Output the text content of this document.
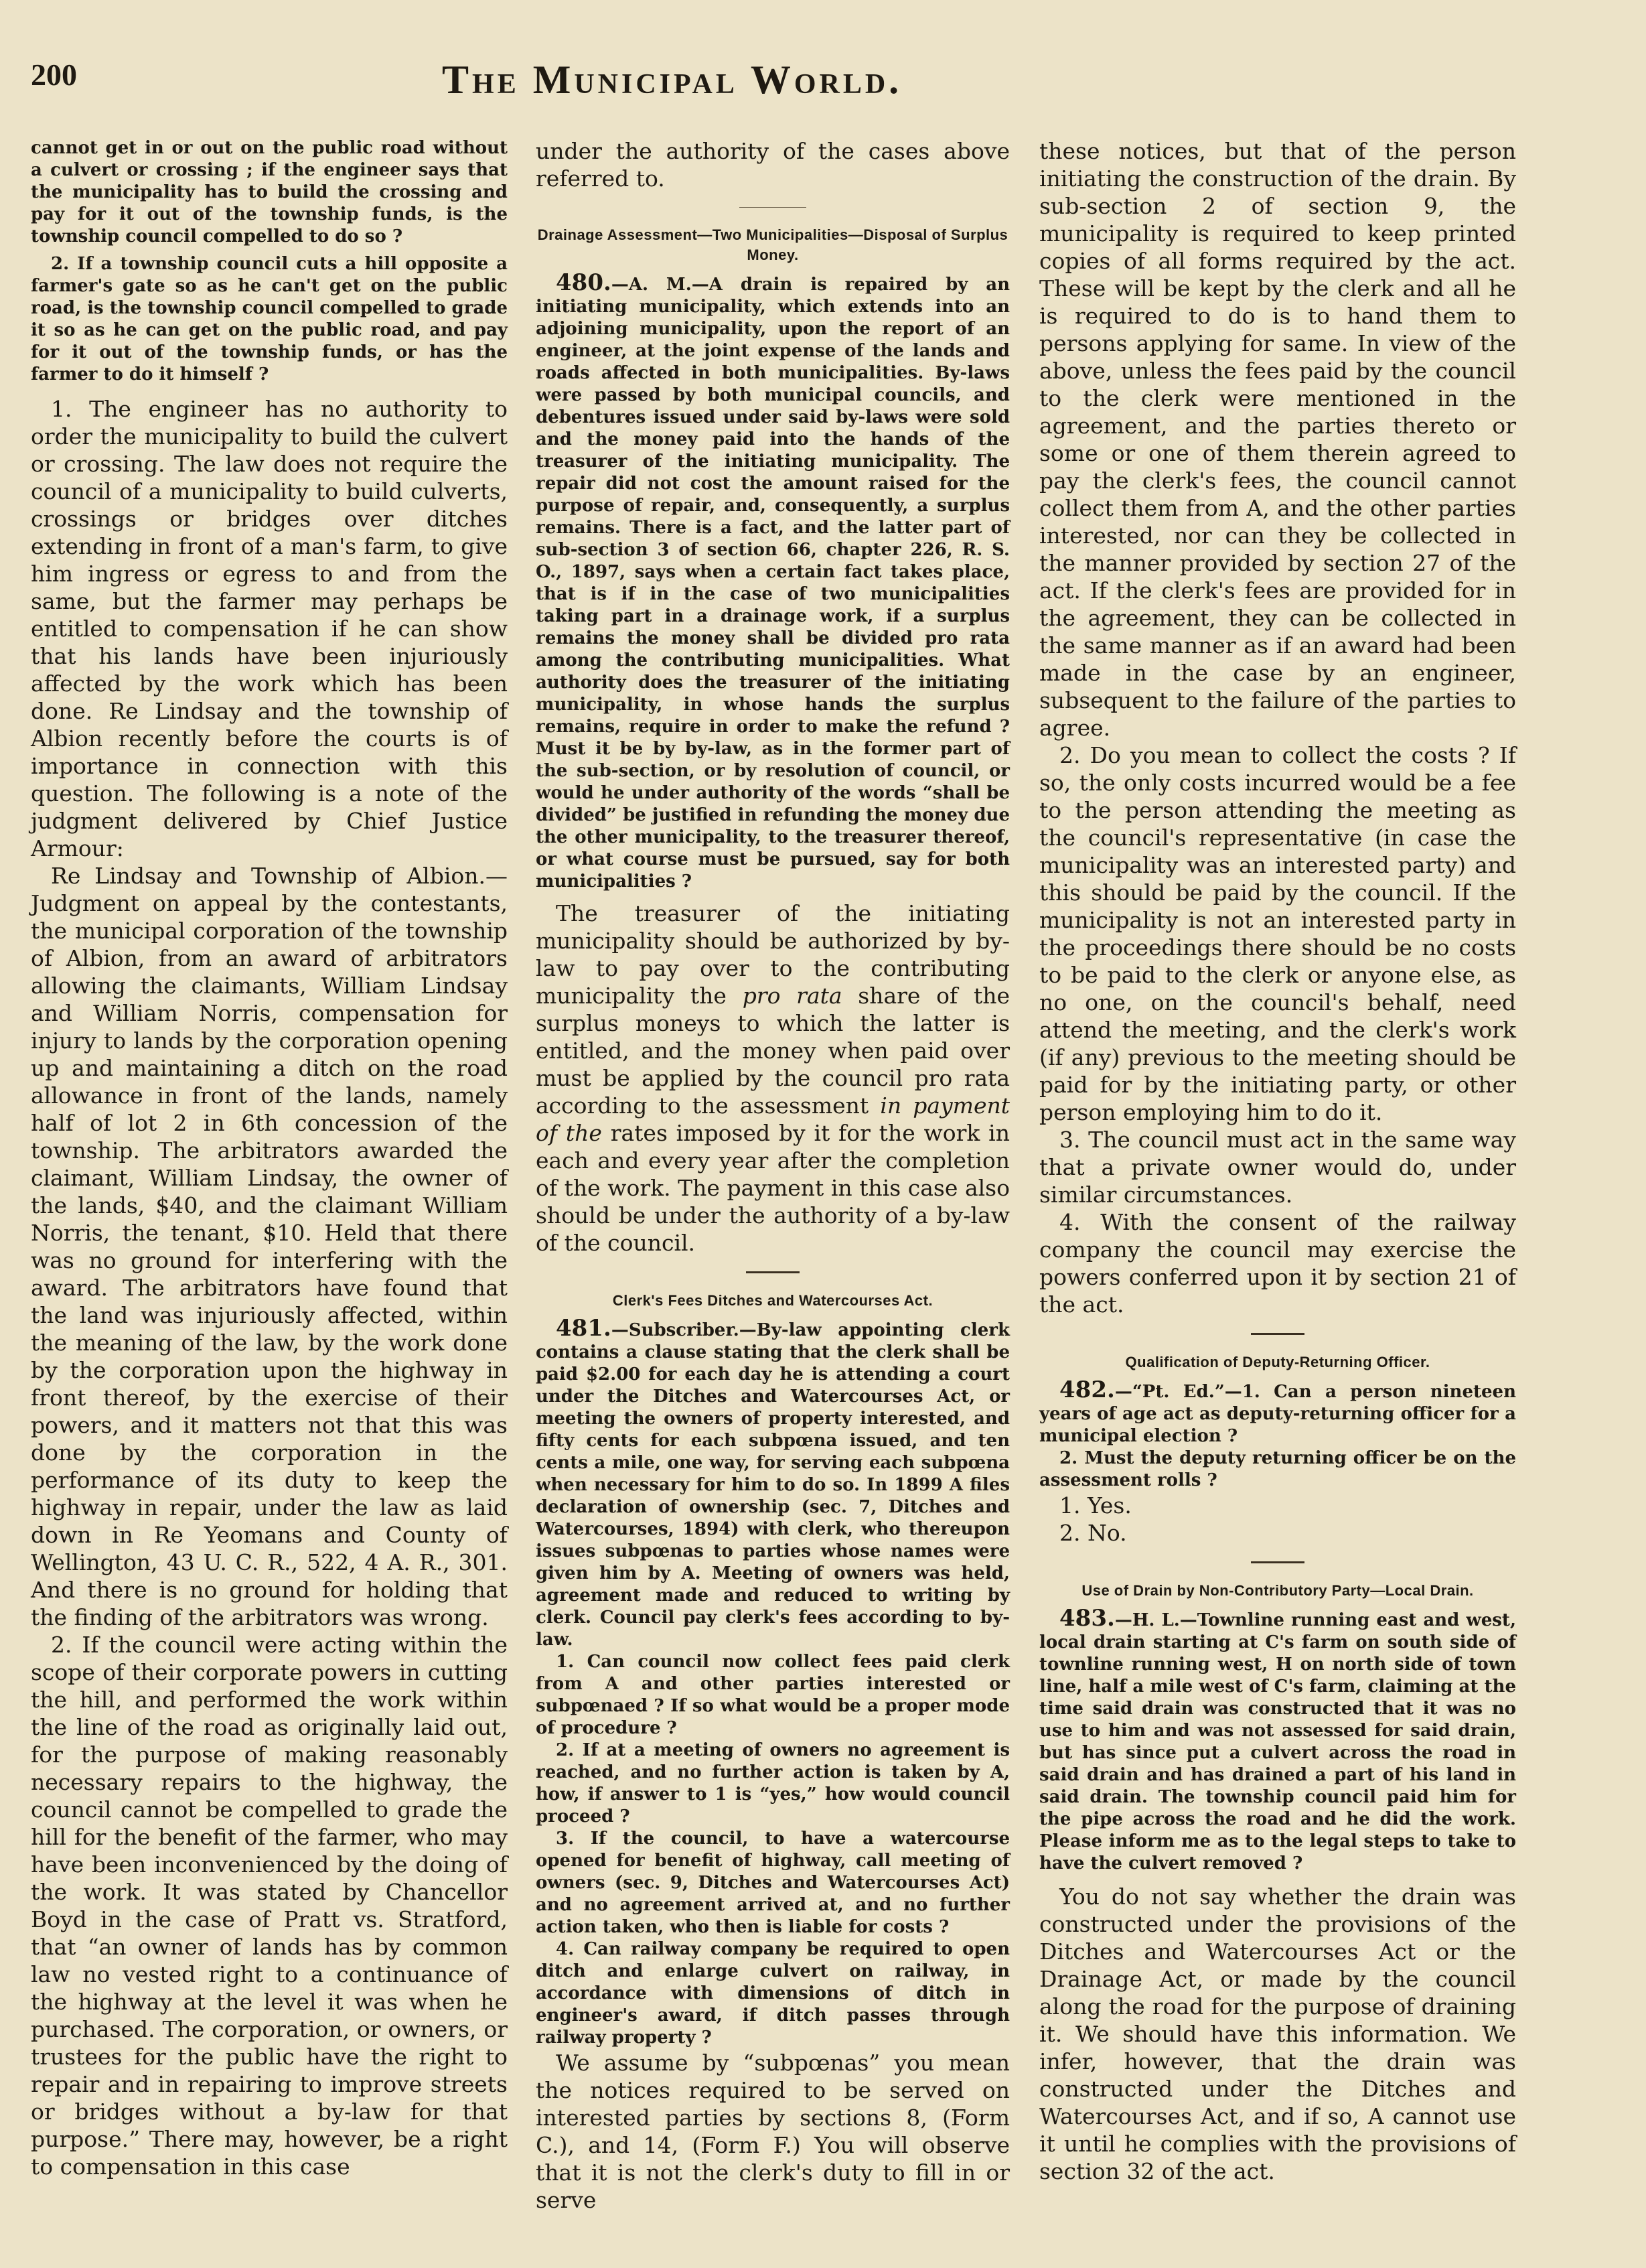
200	The Municipal World.

cannot get in or out on the public road without a culvert or crossing ; if the engineer says that the municipality has to build the crossing and pay for it out of the township funds, is the township council compelled to do so ?

2. If a township council cuts a hill opposite a farmer's gate so as he can't get on the public road, is the township council compelled to grade it so as he can get on the public road, and pay for it out of the township funds, or has the farmer to do it himself ?

1. The engineer has no authority to order the municipality to build the culvert or crossing. The law does not require the council of a municipality to build culverts, crossings or bridges over ditches extending in front of a man's farm, to give him ingress or egress to and from the same, but the farmer may perhaps be entitled to compensation if he can show that his lands have been injuriously affected by the work which has been done. Re Lindsay and the township of Albion recently before the courts is of importance in connection with this question. The following is a note of the judgment delivered by Chief Justice Armour:

Re Lindsay and Township of Albion.—Judgment on appeal by the contestants, the municipal corporation of the township of Albion, from an award of arbitrators allowing the claimants, William Lindsay and William Norris, compensation for injury to lands by the corporation opening up and maintaining a ditch on the road allowance in front of the lands, namely half of lot 2 in 6th concession of the township. The arbitrators awarded the claimant, William Lindsay, the owner of the lands, $40, and the claimant William Norris, the tenant, $10. Held that there was no ground for interfering with the award. The arbitrators have found that the land was injuriously affected, within the meaning of the law, by the work done by the corporation upon the highway in front thereof, by the exercise of their powers, and it matters not that this was done by the corporation in the performance of its duty to keep the highway in repair, under the law as laid down in Re Yeomans and County of Wellington, 43 U. C. R., 522, 4 A. R., 301. And there is no ground for holding that the finding of the arbitrators was wrong.

2. If the council were acting within the scope of their corporate powers in cutting the hill, and performed the work within the line of the road as originally laid out, for the purpose of making reasonably necessary repairs to the highway, the council cannot be compelled to grade the hill for the benefit of the farmer, who may have been inconvenienced by the doing of the work. It was stated by Chancellor Boyd in the case of Pratt vs. Stratford, that “an owner of lands has by common law no vested right to a continuance of the highway at the level it was when he purchased. The corporation, or owners, or trustees for the public have the right to repair and in repairing to improve streets or bridges without a by-law for that purpose.” There may, however, be a right to compensation in this case

under the authority of the cases above referred to.

Drainage Assessment—Two Municipalities—Disposal of Surplus Money.

480.—A. M.—A drain is repaired by an initiating municipality, which extends into an adjoining municipality, upon the report of an engineer, at the joint expense of the lands and roads affected in both municipalities. By-laws were passed by both municipal councils, and debentures issued under said by-laws were sold and the money paid into the hands of the treasurer of the initiating municipality. The repair did not cost the amount raised for the purpose of repair, and, consequently, a surplus remains. There is a fact, and the latter part of sub-section 3 of section 66, chapter 226, R. S. O., 1897, says when a certain fact takes place, that is if in the case of two municipalities taking part in a drainage work, if a surplus remains the money shall be divided pro rata among the contributing municipalities. What authority does the treasurer of the initiating municipality, in whose hands the surplus remains, require in order to make the refund ? Must it be by by-law, as in the former part of the sub-section, or by resolution of council, or would he under authority of the words “shall be divided” be justified in refunding the money due the other municipality, to the treasurer thereof, or what course must be pursued, say for both municipalities ?

The treasurer of the initiating municipality should be authorized by by-law to pay over to the contributing municipality the pro rata share of the surplus moneys to which the latter is entitled, and the money when paid over must be applied by the council pro rata according to the assessment in payment of the rates imposed by it for the work in each and every year after the completion of the work. The payment in this case also should be under the authority of a by-law of the council.

Clerk's Fees Ditches and Watercourses Act.

481.—Subscriber.—By-law appointing clerk contains a clause stating that the clerk shall be paid $2.00 for each day he is attending a court under the Ditches and Watercourses Act, or meeting the owners of property interested, and fifty cents for each subpœna issued, and ten cents a mile, one way, for serving each subpœna when necessary for him to do so. In 1899 A files declaration of ownership (sec. 7, Ditches and Watercourses, 1894) with clerk, who thereupon issues subpœnas to parties whose names were given him by A. Meeting of owners was held, agreement made and reduced to writing by clerk. Council pay clerk's fees according to by-law.

1. Can council now collect fees paid clerk from A and other parties interested or subpœnaed ? If so what would be a proper mode of procedure ?

2. If at a meeting of owners no agreement is reached, and no further action is taken by A, how, if answer to 1 is “yes,” how would council proceed ?

3. If the council, to have a watercourse opened for benefit of highway, call meeting of owners (sec. 9, Ditches and Watercourses Act) and no agreement arrived at, and no further action taken, who then is liable for costs ?

4. Can railway company be required to open ditch and enlarge culvert on railway, in accordance with dimensions of ditch in engineer's award, if ditch passes through railway property ?

We assume by “subpœnas” you mean the notices required to be served on interested parties by sections 8, (Form C.), and 14, (Form F.) You will observe that it is not the clerk's duty to fill in or serve

these notices, but that of the person initiating the construction of the drain. By sub-section 2 of section 9, the municipality is required to keep printed copies of all forms required by the act. These will be kept by the clerk and all he is required to do is to hand them to persons applying for same. In view of the above, unless the fees paid by the council to the clerk were mentioned in the agreement, and the parties thereto or some or one of them therein agreed to pay the clerk's fees, the council cannot collect them from A, and the other parties interested, nor can they be collected in the manner provided by section 27 of the act. If the clerk's fees are provided for in the agreement, they can be collected in the same manner as if an award had been made in the case by an engineer, subsequent to the failure of the parties to agree.

2. Do you mean to collect the costs ? If so, the only costs incurred would be a fee to the person attending the meeting as the council's representative (in case the municipality was an interested party) and this should be paid by the council. If the municipality is not an interested party in the proceedings there should be no costs to be paid to the clerk or anyone else, as no one, on the council's behalf, need attend the meeting, and the clerk's work (if any) previous to the meeting should be paid for by the initiating party, or other person employing him to do it.

3. The council must act in the same way that a private owner would do, under similar circumstances.

4. With the consent of the railway company the council may exercise the powers conferred upon it by section 21 of the act.

Qualification of Deputy-Returning Officer.

482.—“Pt. Ed.”—1. Can a person nineteen years of age act as deputy-returning officer for a municipal election ?

2. Must the deputy returning officer be on the assessment rolls ?

1. Yes.

2. No.

Use of Drain by Non-Contributory Party—Local Drain.

483.—H. L.—Townline running east and west, local drain starting at C's farm on south side of townline running west, H on north side of town line, half a mile west of C's farm, claiming at the time said drain was constructed that it was no use to him and was not assessed for said drain, but has since put a culvert across the road in said drain and has drained a part of his land in said drain. The township council paid him for the pipe across the road and he did the work. Please inform me as to the legal steps to take to have the culvert removed ?

You do not say whether the drain was constructed under the provisions of the Ditches and Watercourses Act or the Drainage Act, or made by the council along the road for the purpose of draining it. We should have this information. We infer, however, that the drain was constructed under the Ditches and Watercourses Act, and if so, A cannot use it until he complies with the provisions of section 32 of the act.
